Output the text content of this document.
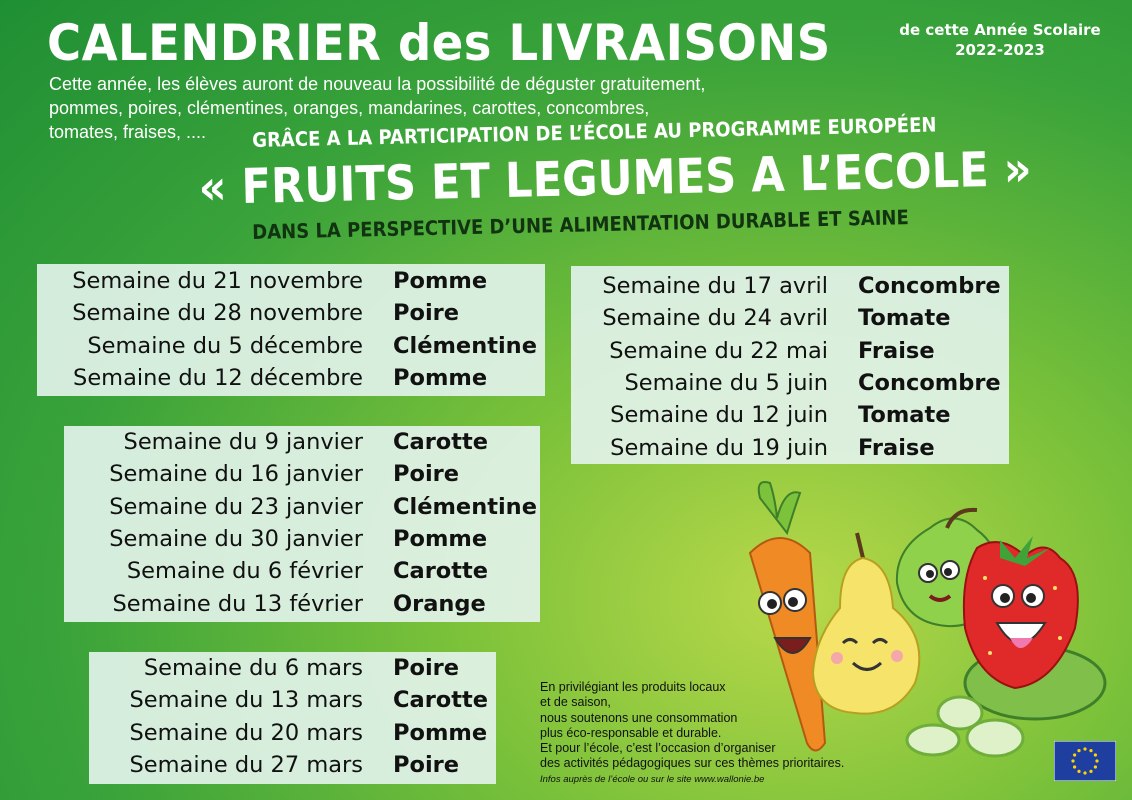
CALENDRIER des LIVRAISONS	de cette Année Scolaire
2022-2023
Cette année, les élèves auront de nouveau la possibilité de déguster gratuitement,
pommes, poires, clémentines, oranges, mandarines, carottes, concombres,
tomates, fraises, ....	GRÂCE A LA PARTICIPATION DE L’ÉCOLE AU PROGRAMME EUROPÉEN
« FRUITS ET LEGUMES A L’ECOLE »
DANS LA PERSPECTIVE D’UNE ALIMENTATION DURABLE ET SAINE
Semaine du 21 novembre	Pomme
Semaine du 28 novembre	Poire
Semaine du 5 décembre	Clémentine
Semaine du 12 décembre	Pomme
Semaine du 9 janvier	Carotte
Semaine du 16 janvier	Poire
Semaine du 23 janvier	Clémentine
Semaine du 30 janvier	Pomme
Semaine du 6 février	Carotte
Semaine du 13 février	Orange
Semaine du 6 mars	Poire
Semaine du 13 mars	Carotte
Semaine du 20 mars	Pomme
Semaine du 27 mars	Poire
Semaine du 17 avril	Concombre
Semaine du 24 avril	Tomate
Semaine du 22 mai	Fraise
Semaine du 5 juin	Concombre
Semaine du 12 juin	Tomate
Semaine du 19 juin	Fraise
En privilégiant les produits locaux
et de saison,
nous soutenons une consommation
plus éco-responsable et durable.
Et pour l’école, c’est l’occasion d’organiser
des activités pédagogiques sur ces thèmes prioritaires.
Infos auprès de l’école ou sur le site www.wallonie.be
